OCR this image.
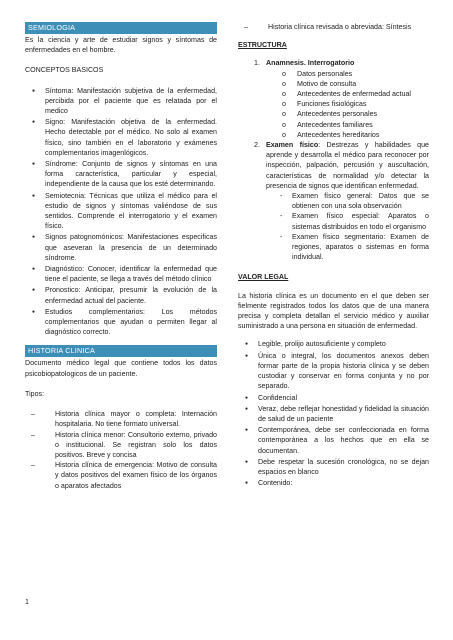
SEMIOLOGIA
Es la ciencia y arte de estudiar signos y síntomas de enfermedades en el hombre.
CONCEPTOS BASICOS
● Síntoma: Manifestación subjetiva de la enfermedad, percibida por el paciente que es relatada por el medico
● Signo: Manifestación objetiva de la enfermedad. Hecho detectable por el médico. No solo al examen físico, sino también en el laboratorio y exámenes complementarios imagenlógicos.
● Síndrome: Conjunto de signos y síntomas en una forma característica, particular y especial, independiente de la causa que los esté determinando.
● Semiotecnia: Técnicas que utiliza el médico para el estudio de signos y síntomas valiéndose de sus sentidos. Comprende el interrogatorio y el examen físico.
● Signos patognomónicos: Manifestaciones especificas que aseveran la presencia de un determinado síndrome.
● Diagnóstico: Conocer, identificar la enfermedad que tiene el paciente, se llega a través del método clínico
● Pronostico: Anticipar, presumir la evolución de la enfermedad actual del paciente.
● Estudios complementarios: Los métodos complementarios que ayudan o permiten llegar al diagnóstico correcto.
HISTORIA CLINICA
Documento médico legal que contiene todos los datos psicobiopatologicos de un paciente.
Tipos:
– Historia clínica mayor o completa: Internación hospitalaria. No tiene formato universal.
– Historia clínica menor: Consultorio externo, privado o institucional. Se registran solo los datos positivos. Breve y concisa
– Historia clínica de emergencia: Motivo de consulta y datos positivos del examen físico de los órganos o aparatos afectados
– Historia clínica revisada o abreviada: Síntesis
ESTRUCTURA
1. Anamnesis. Interrogatorio
o Datos personales
o Motivo de consulta
o Antecedentes de enfermedad actual
o Funciones fisiológicas
o Antecedentes personales
o Antecedentes familiares
o Antecedentes hereditarios
2. Examen físico: Destrezas y habilidades que aprende y desarrolla el médico para reconocer por inspección, palpación, percusión y auscultación, características de normalidad y/o detectar la presencia de signos que identifican enfermedad.
- Examen físico general: Datos que se obtienen con una sola observación
- Examen físico especial: Aparatos o sistemas distribuidos en todo el organismo
- Examen físico segmentario: Examen de regiones, aparatos o sistemas en forma individual.
VALOR LEGAL
La historia clínica es un documento en el que deben ser fielmente registrados todos los datos que de una manera precisa y completa detallan el servicio médico y auxiliar suministrado a una persona en situación de enfermedad.
● Legible, prolijo autosuficiente y completo
● Única o integral, los documentos anexos deben formar parte de la propia historia clínica y se deben custodiar y conservar en forma conjunta y no por separado.
● Confidencial
● Veraz, debe reflejar honestidad y fidelidad la situación de salud de un paciente
● Contemporánea, debe ser confeccionada en forma contemporánea a los hechos que en ella se documentan.
● Debe respetar la sucesión cronológica, no se dejan espacios en blanco
● Contenido:
1
